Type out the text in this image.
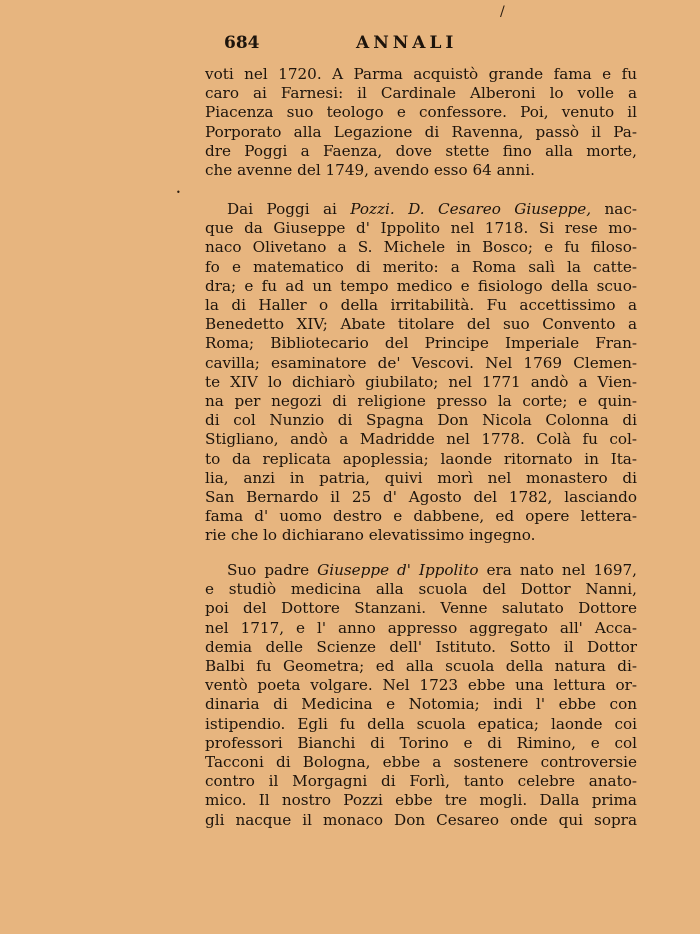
/
•
684	ANNALI
voti nel 1720. A Parma acquistò grande fama e fu
caro ai Farnesi: il Cardinale Alberoni lo volle a
Piacenza suo teologo e confessore. Poi, venuto il
Porporato alla Legazione di Ravenna, passò il Pa-
dre Poggi a Faenza, dove stette fino alla morte,
che avenne del 1749, avendo esso 64 anni.
Dai Poggi ai Pozzi. D. Cesareo Giuseppe, nac-
que da Giuseppe d' Ippolito nel 1718. Si rese mo-
naco Olivetano a S. Michele in Bosco; e fu filoso-
fo e matematico di merito: a Roma salì la catte-
dra; e fu ad un tempo medico e fisiologo della scuo-
la di Haller o della irritabilità. Fu accettissimo a
Benedetto XIV; Abate titolare del suo Convento a
Roma; Bibliotecario del Principe Imperiale Fran-
cavilla; esaminatore de' Vescovi. Nel 1769 Clemen-
te XIV lo dichiarò giubilato; nel 1771 andò a Vien-
na per negozi di religione presso la corte; e quin-
di col Nunzio di Spagna Don Nicola Colonna di
Stigliano, andò a Madridde nel 1778. Colà fu col-
to da replicata apoplessia; laonde ritornato in Ita-
lia, anzi in patria, quivi morì nel monastero di
San Bernardo il 25 d' Agosto del 1782, lasciando
fama d' uomo destro e dabbene, ed opere lettera-
rie che lo dichiarano elevatissimo ingegno.
Suo padre Giuseppe d' Ippolito era nato nel 1697,
e studiò medicina alla scuola del Dottor Nanni,
poi del Dottore Stanzani. Venne salutato Dottore
nel 1717, e l' anno appresso aggregato all' Acca-
demia delle Scienze dell' Istituto. Sotto il Dottor
Balbi fu Geometra; ed alla scuola della natura di-
ventò poeta volgare. Nel 1723 ebbe una lettura or-
dinaria di Medicina e Notomia; indi l' ebbe con
istipendio. Egli fu della scuola epatica; laonde coi
professori Bianchi di Torino e di Rimino, e col
Tacconi di Bologna, ebbe a sostenere controversie
contro il Morgagni di Forlì, tanto celebre anato-
mico. Il nostro Pozzi ebbe tre mogli. Dalla prima
gli nacque il monaco Don Cesareo onde qui sopra
